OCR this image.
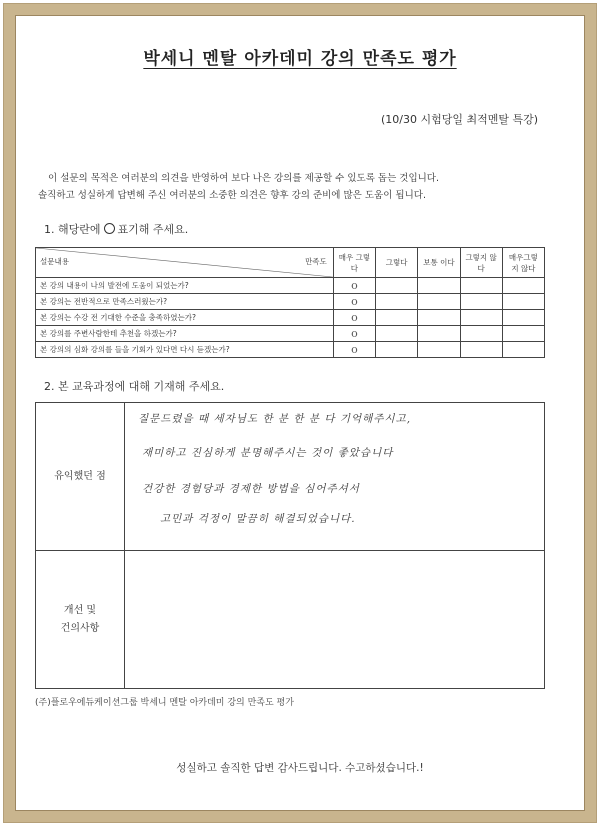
박세니 멘탈 아카데미 강의 만족도 평가
(10/30 시험당일 최적멘탈 특강)

이 설문의 목적은 여러분의 의견을 반영하여 보다 나은 강의를 제공할 수 있도록 돕는 것입니다.

솔직하고 성실하게 답변해 주신 여러분의 소중한 의견은 향후 강의 준비에 많은 도움이 됩니다.

1. 해당란에 표기해 주세요.
설문내용 만족도	매우 그렇다	그렇다	보통 이다	그렇지 않다	매우그렇지 않다
본 강의 내용이 나의 발전에 도움이 되었는가?	o				
본 강의는 전반적으로 만족스러웠는가?	o				
본 강의는 수강 전 기대한 수준을 충족하였는가?	o				
본 강의를 주변사람한테 추천을 하겠는가?	o				
본 강의의 심화 강의를 들을 기회가 있다면 다시 듣겠는가?	o				
2. 본 교육과정에 대해 기재해 주세요.
유익했던 점
질문드렸을 때 세자님도 한 분 한 분 다 기억해주시고,
재미하고 진심하게 분명해주시는 것이 좋았습니다
건강한 경험당과 경제한 방법을 심어주셔서
고민과 걱정이 말끔히 해결되었습니다.
개선 및
건의사항
(주)플로우에듀케이션그룹 박세니 멘탈 아카데미 강의 만족도 평가
성실하고 솔직한 답변 감사드립니다. 수고하셨습니다.!
